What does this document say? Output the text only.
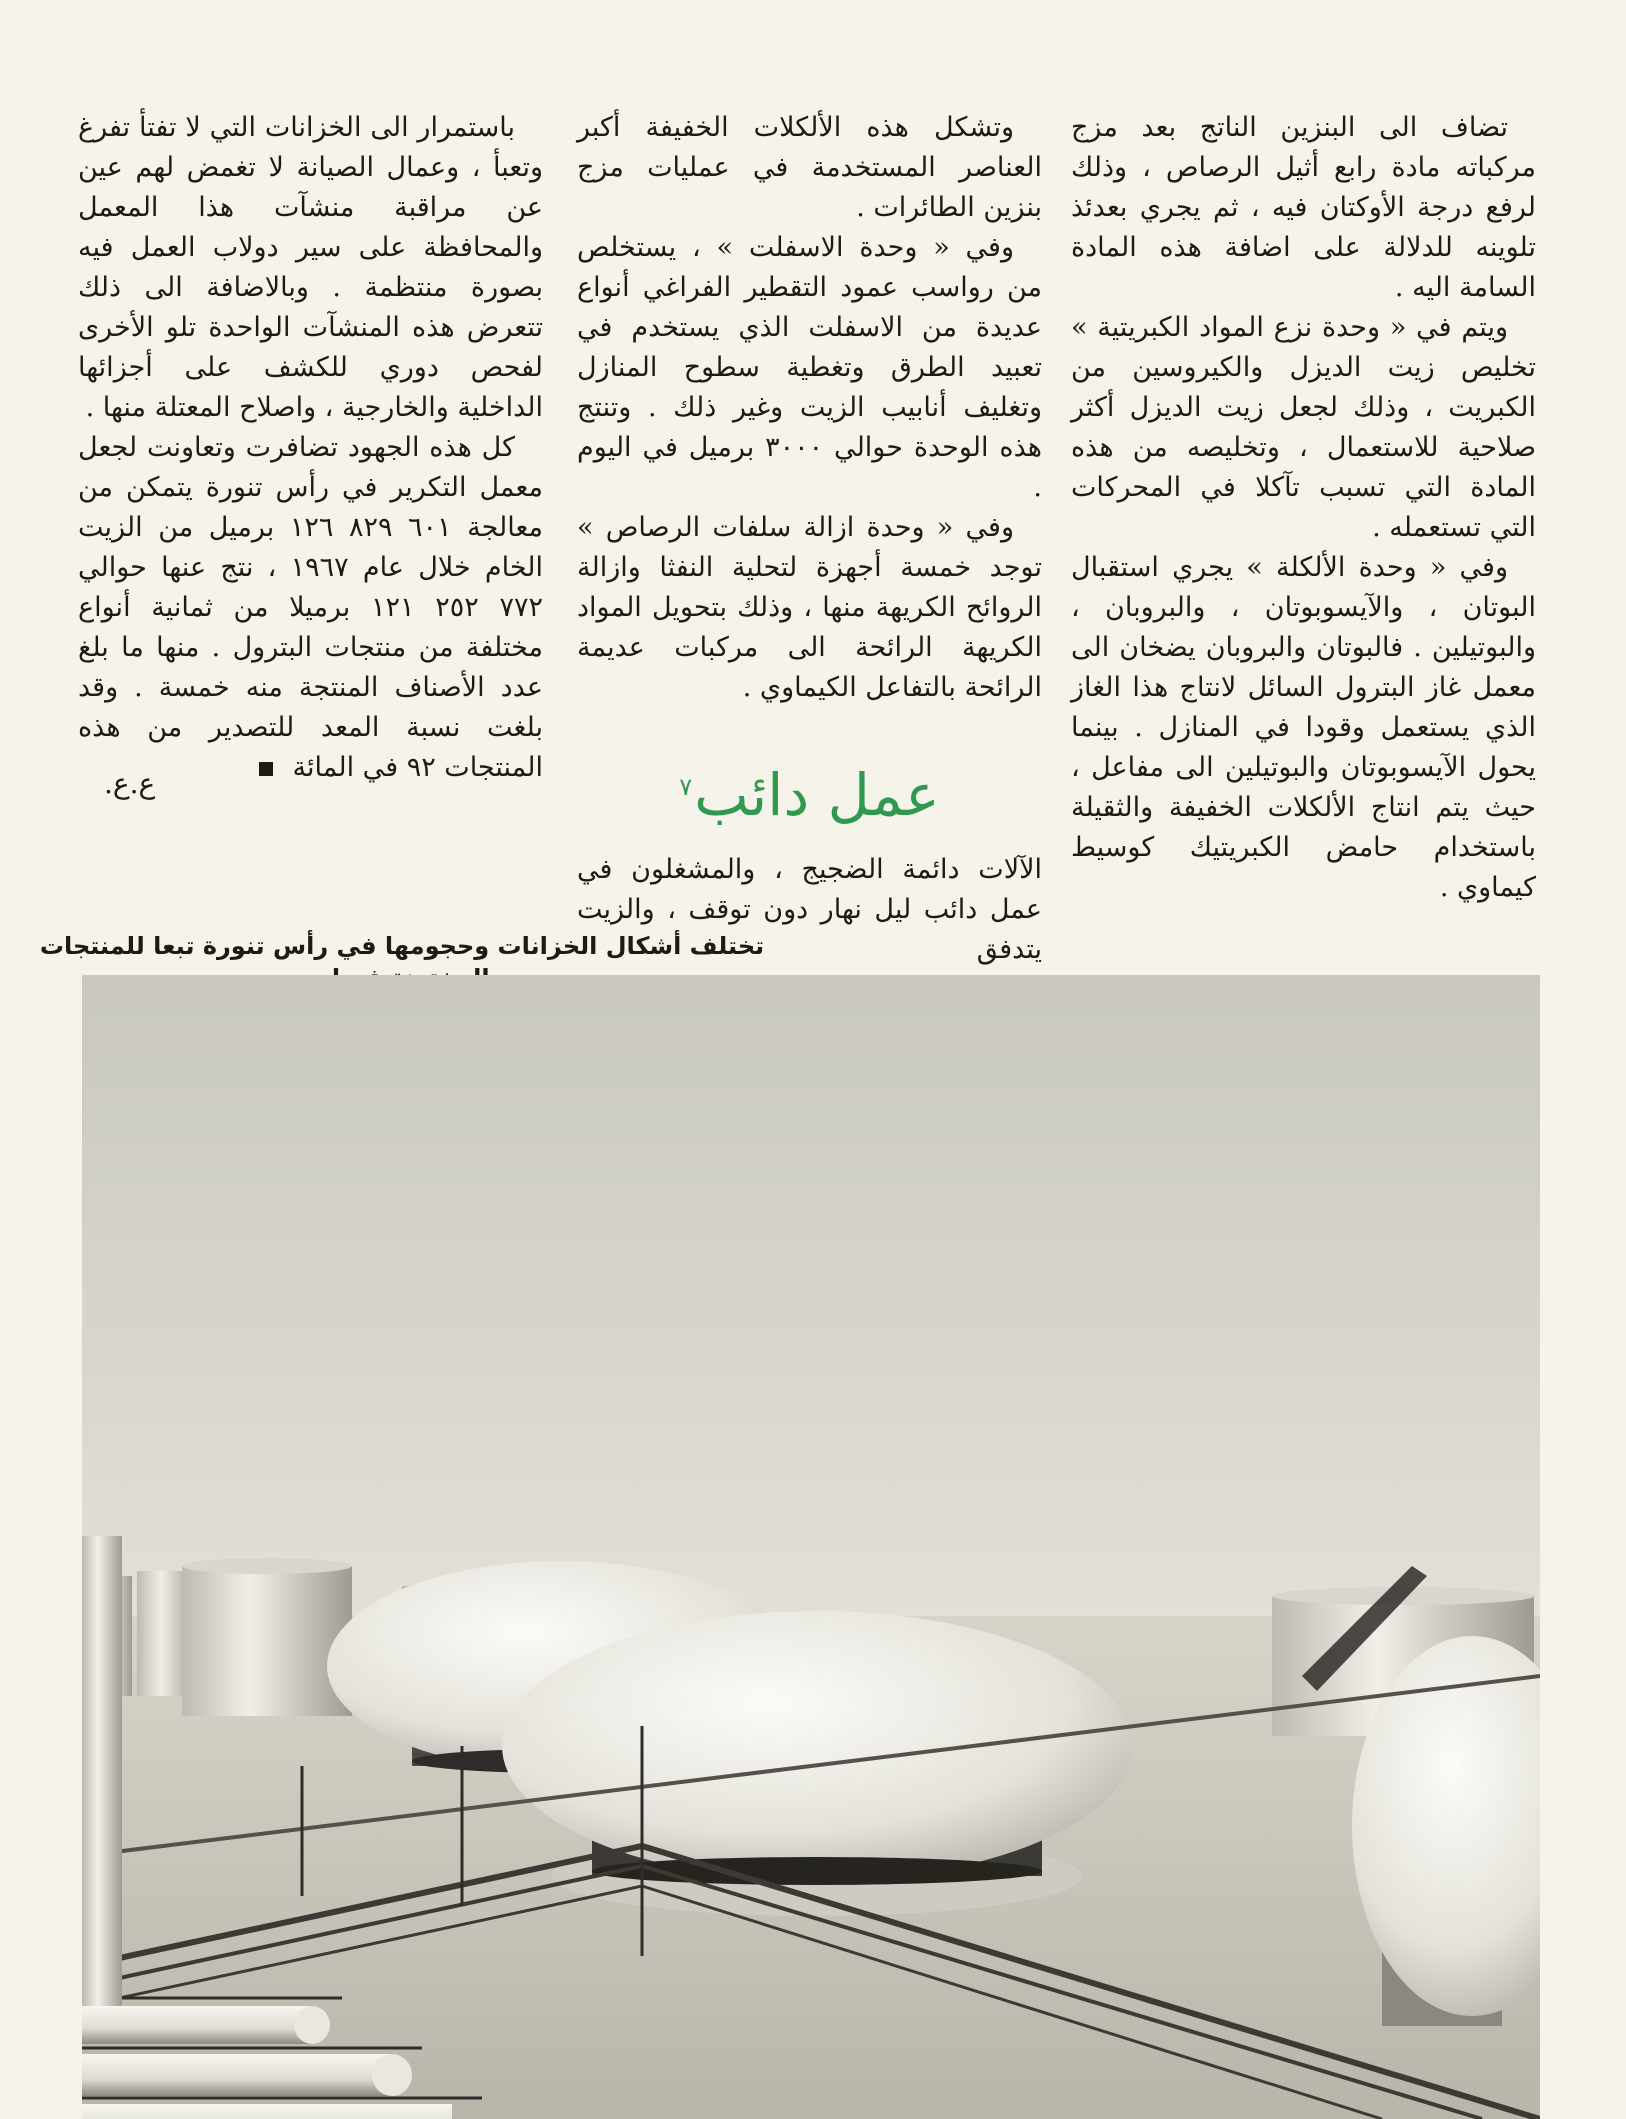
تضاف الى البنزين الناتج بعد مزج مركباته مادة رابع أثيل الرصاص ، وذلك لرفع درجة الأوكتان فيه ، ثم يجري بعدئذ تلوينه للدلالة على اضافة هذه المادة السامة اليه .

ويتم في « وحدة نزع المواد الكبريتية » تخليص زيت الديزل والكيروسين من الكبريت ، وذلك لجعل زيت الديزل أكثر صلاحية للاستعمال ، وتخليصه من هذه المادة التي تسبب تآكلا في المحركات التي تستعمله .

وفي « وحدة الألكلة » يجري استقبال البوتان ، والآيسوبوتان ، والبروبان ، والبوتيلين . فالبوتان والبروبان يضخان الى معمل غاز البترول السائل لانتاج هذا الغاز الذي يستعمل وقودا في المنازل . بينما يحول الآيسوبوتان والبوتيلين الى مفاعل ، حيث يتم انتاج الألكلات الخفيفة والثقيلة باستخدام حامض الكبريتيك كوسيط كيماوي .

وتشكل هذه الألكلات الخفيفة أكبر العناصر المستخدمة في عمليات مزج بنزين الطائرات .

وفي « وحدة الاسفلت » ، يستخلص من رواسب عمود التقطير الفراغي أنواع عديدة من الاسفلت الذي يستخدم في تعبيد الطرق وتغطية سطوح المنازل وتغليف أنابيب الزيت وغير ذلك . وتنتج هذه الوحدة حوالي ٣٠٠٠ برميل في اليوم .

وفي « وحدة ازالة سلفات الرصاص » توجد خمسة أجهزة لتحلية النفثا وازالة الروائح الكريهة منها ، وذلك بتحويل المواد الكريهة الرائحة الى مركبات عديمة الرائحة بالتفاعل الكيماوي .

عمل دائب$^٧$

الآلات دائمة الضجيج ، والمشغلون في عمل دائب ليل نهار دون توقف ، والزيت يتدفق

باستمرار الى الخزانات التي لا تفتأ تفرغ وتعبأ ، وعمال الصيانة لا تغمض لهم عين عن مراقبة منشآت هذا المعمل والمحافظة على سير دولاب العمل فيه بصورة منتظمة . وبالاضافة الى ذلك تتعرض هذه المنشآت الواحدة تلو الأخرى لفحص دوري للكشف على أجزائها الداخلية والخارجية ، واصلاح المعتلة منها .

كل هذه الجهود تضافرت وتعاونت لجعل معمل التكرير في رأس تنورة يتمكن من معالجة ٦٠١ ٨٢٩ ١٢٦ برميل من الزيت الخام خلال عام ١٩٦٧ ، نتج عنها حوالي ٧٧٢ ٢٥٢ ١٢١ برميلا من ثمانية أنواع مختلفة من منتجات البترول . منها ما بلغ عدد الأصناف المنتجة منه خمسة . وقد بلغت نسبة المعد للتصدير من هذه المنتجات ٩٢ في المائة

ع.ع.
تختلف أشكال الخزانات وحجومها في رأس تنورة تبعا للمنتجات
